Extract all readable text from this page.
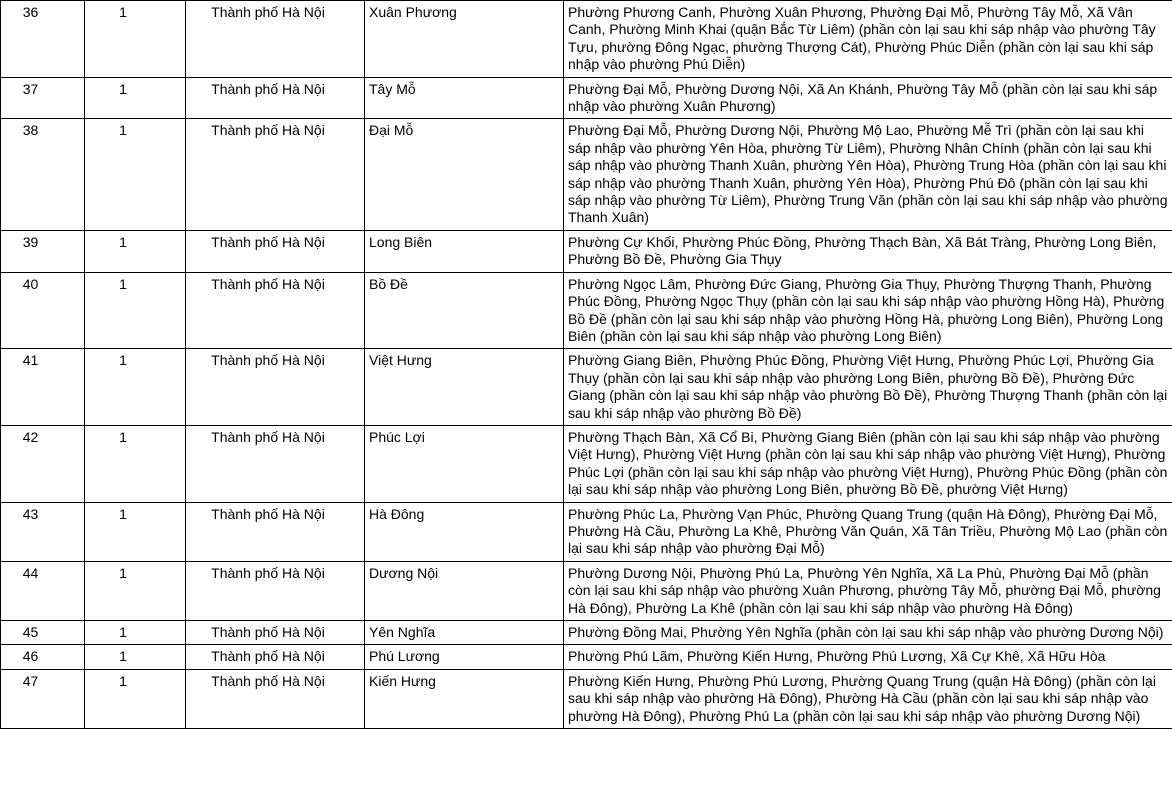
36	1	Thành phố Hà Nội	Xuân Phương	Phường Phương Canh, Phường Xuân Phương, Phường Đại Mỗ, Phường Tây Mỗ, Xã Vân Canh, Phường Minh Khai (quận Bắc Từ Liêm) (phần còn lại sau khi sáp nhập vào phường Tây Tựu, phường Đông Ngạc, phường Thượng Cát), Phường Phúc Diễn (phần còn lại sau khi sáp nhập vào phường Phú Diễn)
37	1	Thành phố Hà Nội	Tây Mỗ	Phường Đại Mỗ, Phường Dương Nội, Xã An Khánh, Phường Tây Mỗ (phần còn lại sau khi sáp nhập vào phường Xuân Phương)
38	1	Thành phố Hà Nội	Đại Mỗ	Phường Đại Mỗ, Phường Dương Nội, Phường Mộ Lao, Phường Mễ Trì (phần còn lại sau khi sáp nhập vào phường Yên Hòa, phường Từ Liêm), Phường Nhân Chính (phần còn lại sau khi sáp nhập vào phường Thanh Xuân, phường Yên Hòa), Phường Trung Hòa (phần còn lại sau khi sáp nhập vào phường Thanh Xuân, phường Yên Hòa), Phường Phú Đô (phần còn lại sau khi sáp nhập vào phường Từ Liêm), Phường Trung Văn (phần còn lại sau khi sáp nhập vào phường Thanh Xuân)
39	1	Thành phố Hà Nội	Long Biên	Phường Cự Khối, Phường Phúc Đồng, Phường Thạch Bàn, Xã Bát Tràng, Phường Long Biên, Phường Bồ Đề, Phường Gia Thụy
40	1	Thành phố Hà Nội	Bồ Đề	Phường Ngọc Lâm, Phường Đức Giang, Phường Gia Thụy, Phường Thượng Thanh, Phường Phúc Đồng, Phường Ngọc Thụy (phần còn lại sau khi sáp nhập vào phường Hồng Hà), Phường Bồ Đề (phần còn lại sau khi sáp nhập vào phường Hồng Hà, phường Long Biên), Phường Long Biên (phần còn lại sau khi sáp nhập vào phường Long Biên)
41	1	Thành phố Hà Nội	Việt Hưng	Phường Giang Biên, Phường Phúc Đồng, Phường Việt Hưng, Phường Phúc Lợi, Phường Gia Thụy (phần còn lại sau khi sáp nhập vào phường Long Biên, phường Bồ Đề), Phường Đức Giang (phần còn lại sau khi sáp nhập vào phường Bồ Đề), Phường Thượng Thanh (phần còn lại sau khi sáp nhập vào phường Bồ Đề)
42	1	Thành phố Hà Nội	Phúc Lợi	Phường Thạch Bàn, Xã Cổ Bi, Phường Giang Biên (phần còn lại sau khi sáp nhập vào phường Việt Hưng), Phường Việt Hưng (phần còn lại sau khi sáp nhập vào phường Việt Hưng), Phường Phúc Lợi (phần còn lại sau khi sáp nhập vào phường Việt Hưng), Phường Phúc Đồng (phần còn lại sau khi sáp nhập vào phường Long Biên, phường Bồ Đề, phường Việt Hưng)
43	1	Thành phố Hà Nội	Hà Đông	Phường Phúc La, Phường Vạn Phúc, Phường Quang Trung (quận Hà Đông), Phường Đại Mỗ, Phường Hà Cầu, Phường La Khê, Phường Văn Quán, Xã Tân Triều, Phường Mộ Lao (phần còn lại sau khi sáp nhập vào phường Đại Mỗ)
44	1	Thành phố Hà Nội	Dương Nội	Phường Dương Nội, Phường Phú La, Phường Yên Nghĩa, Xã La Phù, Phường Đại Mỗ (phần còn lại sau khi sáp nhập vào phường Xuân Phương, phường Tây Mỗ, phường Đại Mỗ, phường Hà Đông), Phường La Khê (phần còn lại sau khi sáp nhập vào phường Hà Đông)
45	1	Thành phố Hà Nội	Yên Nghĩa	Phường Đồng Mai, Phường Yên Nghĩa (phần còn lại sau khi sáp nhập vào phường Dương Nội)
46	1	Thành phố Hà Nội	Phú Lương	Phường Phú Lãm, Phường Kiến Hưng, Phường Phú Lương, Xã Cự Khê, Xã Hữu Hòa
47	1	Thành phố Hà Nội	Kiến Hưng	Phường Kiến Hưng, Phường Phú Lương, Phường Quang Trung (quận Hà Đông) (phần còn lại sau khi sáp nhập vào phường Hà Đông), Phường Hà Cầu (phần còn lại sau khi sáp nhập vào phường Hà Đông), Phường Phú La (phần còn lại sau khi sáp nhập vào phường Dương Nội)
